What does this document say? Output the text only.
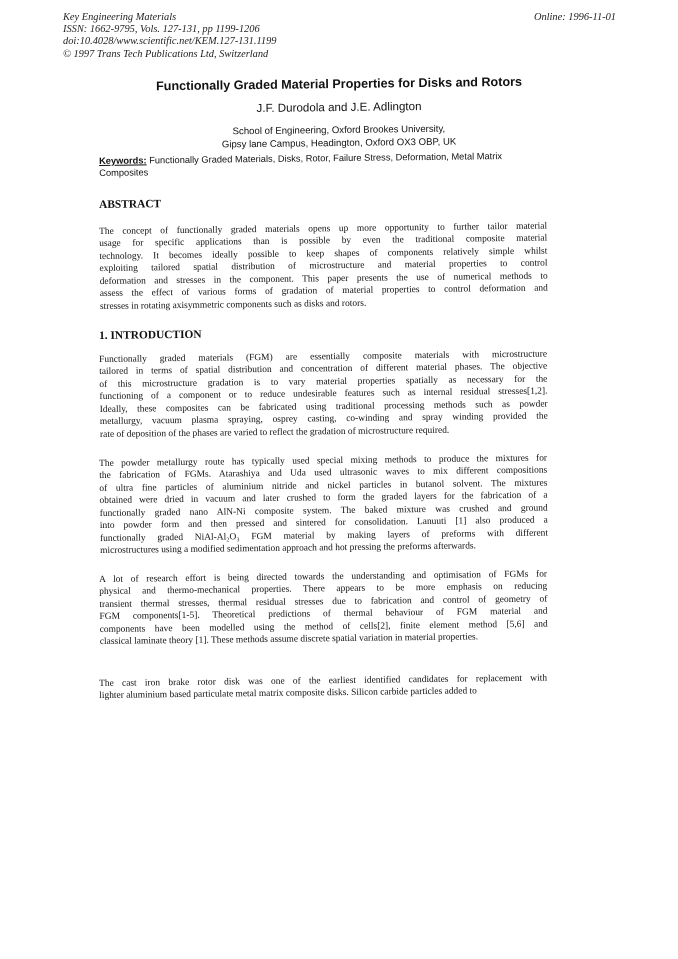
Key Engineering Materials
ISSN: 1662-9795, Vols. 127-131, pp 1199-1206
doi:10.4028/www.scientific.net/KEM.127-131.1199
© 1997 Trans Tech Publications Ltd, Switzerland
Online: 1996-11-01
Functionally Graded Material Properties for Disks and Rotors
J.F. Durodola and J.E. Adlington
School of Engineering, Oxford Brookes University,
Gipsy lane Campus, Headington, Oxford OX3 OBP, UK
Keywords: Functionally Graded Materials, Disks, Rotor, Failure Stress, Deformation, Metal Matrix Composites
ABSTRACT
The concept of functionally graded materials opens up more opportunity to further tailor material
usage for specific applications than is possible by even the traditional composite material
technology. It becomes ideally possible to keep shapes of components relatively simple whilst
exploiting tailored spatial distribution of microstructure and material properties to control
deformation and stresses in the component. This paper presents the use of numerical methods to
assess the effect of various forms of gradation of material properties to control deformation and
stresses in rotating axisymmetric components such as disks and rotors.
1. INTRODUCTION
Functionally graded materials (FGM) are essentially composite materials with microstructure
tailored in terms of spatial distribution and concentration of different material phases. The objective
of this microstructure gradation is to vary material properties spatially as necessary for the
functioning of a component or to reduce undesirable features such as internal residual stresses[1,2].
Ideally, these composites can be fabricated using traditional processing methods such as powder
metallurgy, vacuum plasma spraying, osprey casting, co-winding and spray winding provided the
rate of deposition of the phases are varied to reflect the gradation of microstructure required.
The powder metallurgy route has typically used special mixing methods to produce the mixtures for
the fabrication of FGMs. Atarashiya and Uda used ultrasonic waves to mix different compositions
of ultra fine particles of aluminium nitride and nickel particles in butanol solvent. The mixtures
obtained were dried in vacuum and later crushed to form the graded layers for the fabrication of a
functionally graded nano AlN-Ni composite system. The baked mixture was crushed and ground
into powder form and then pressed and sintered for consolidation. Lanuuti [1] also produced a
functionally graded NiAl-Al₂O₃ FGM material by making layers of preforms with different
microstructures using a modified sedimentation approach and hot pressing the preforms afterwards.
A lot of research effort is being directed towards the understanding and optimisation of FGMs for
physical and thermo-mechanical properties. There appears to be more emphasis on reducing
transient thermal stresses, thermal residual stresses due to fabrication and control of geometry of
FGM components[1-5]. Theoretical predictions of thermal behaviour of FGM material and
components have been modelled using the method of cells[2], finite element method [5,6] and
classical laminate theory [1]. These methods assume discrete spatial variation in material properties.
The cast iron brake rotor disk was one of the earliest identified candidates for replacement with
lighter aluminium based particulate metal matrix composite disks. Silicon carbide particles added to
